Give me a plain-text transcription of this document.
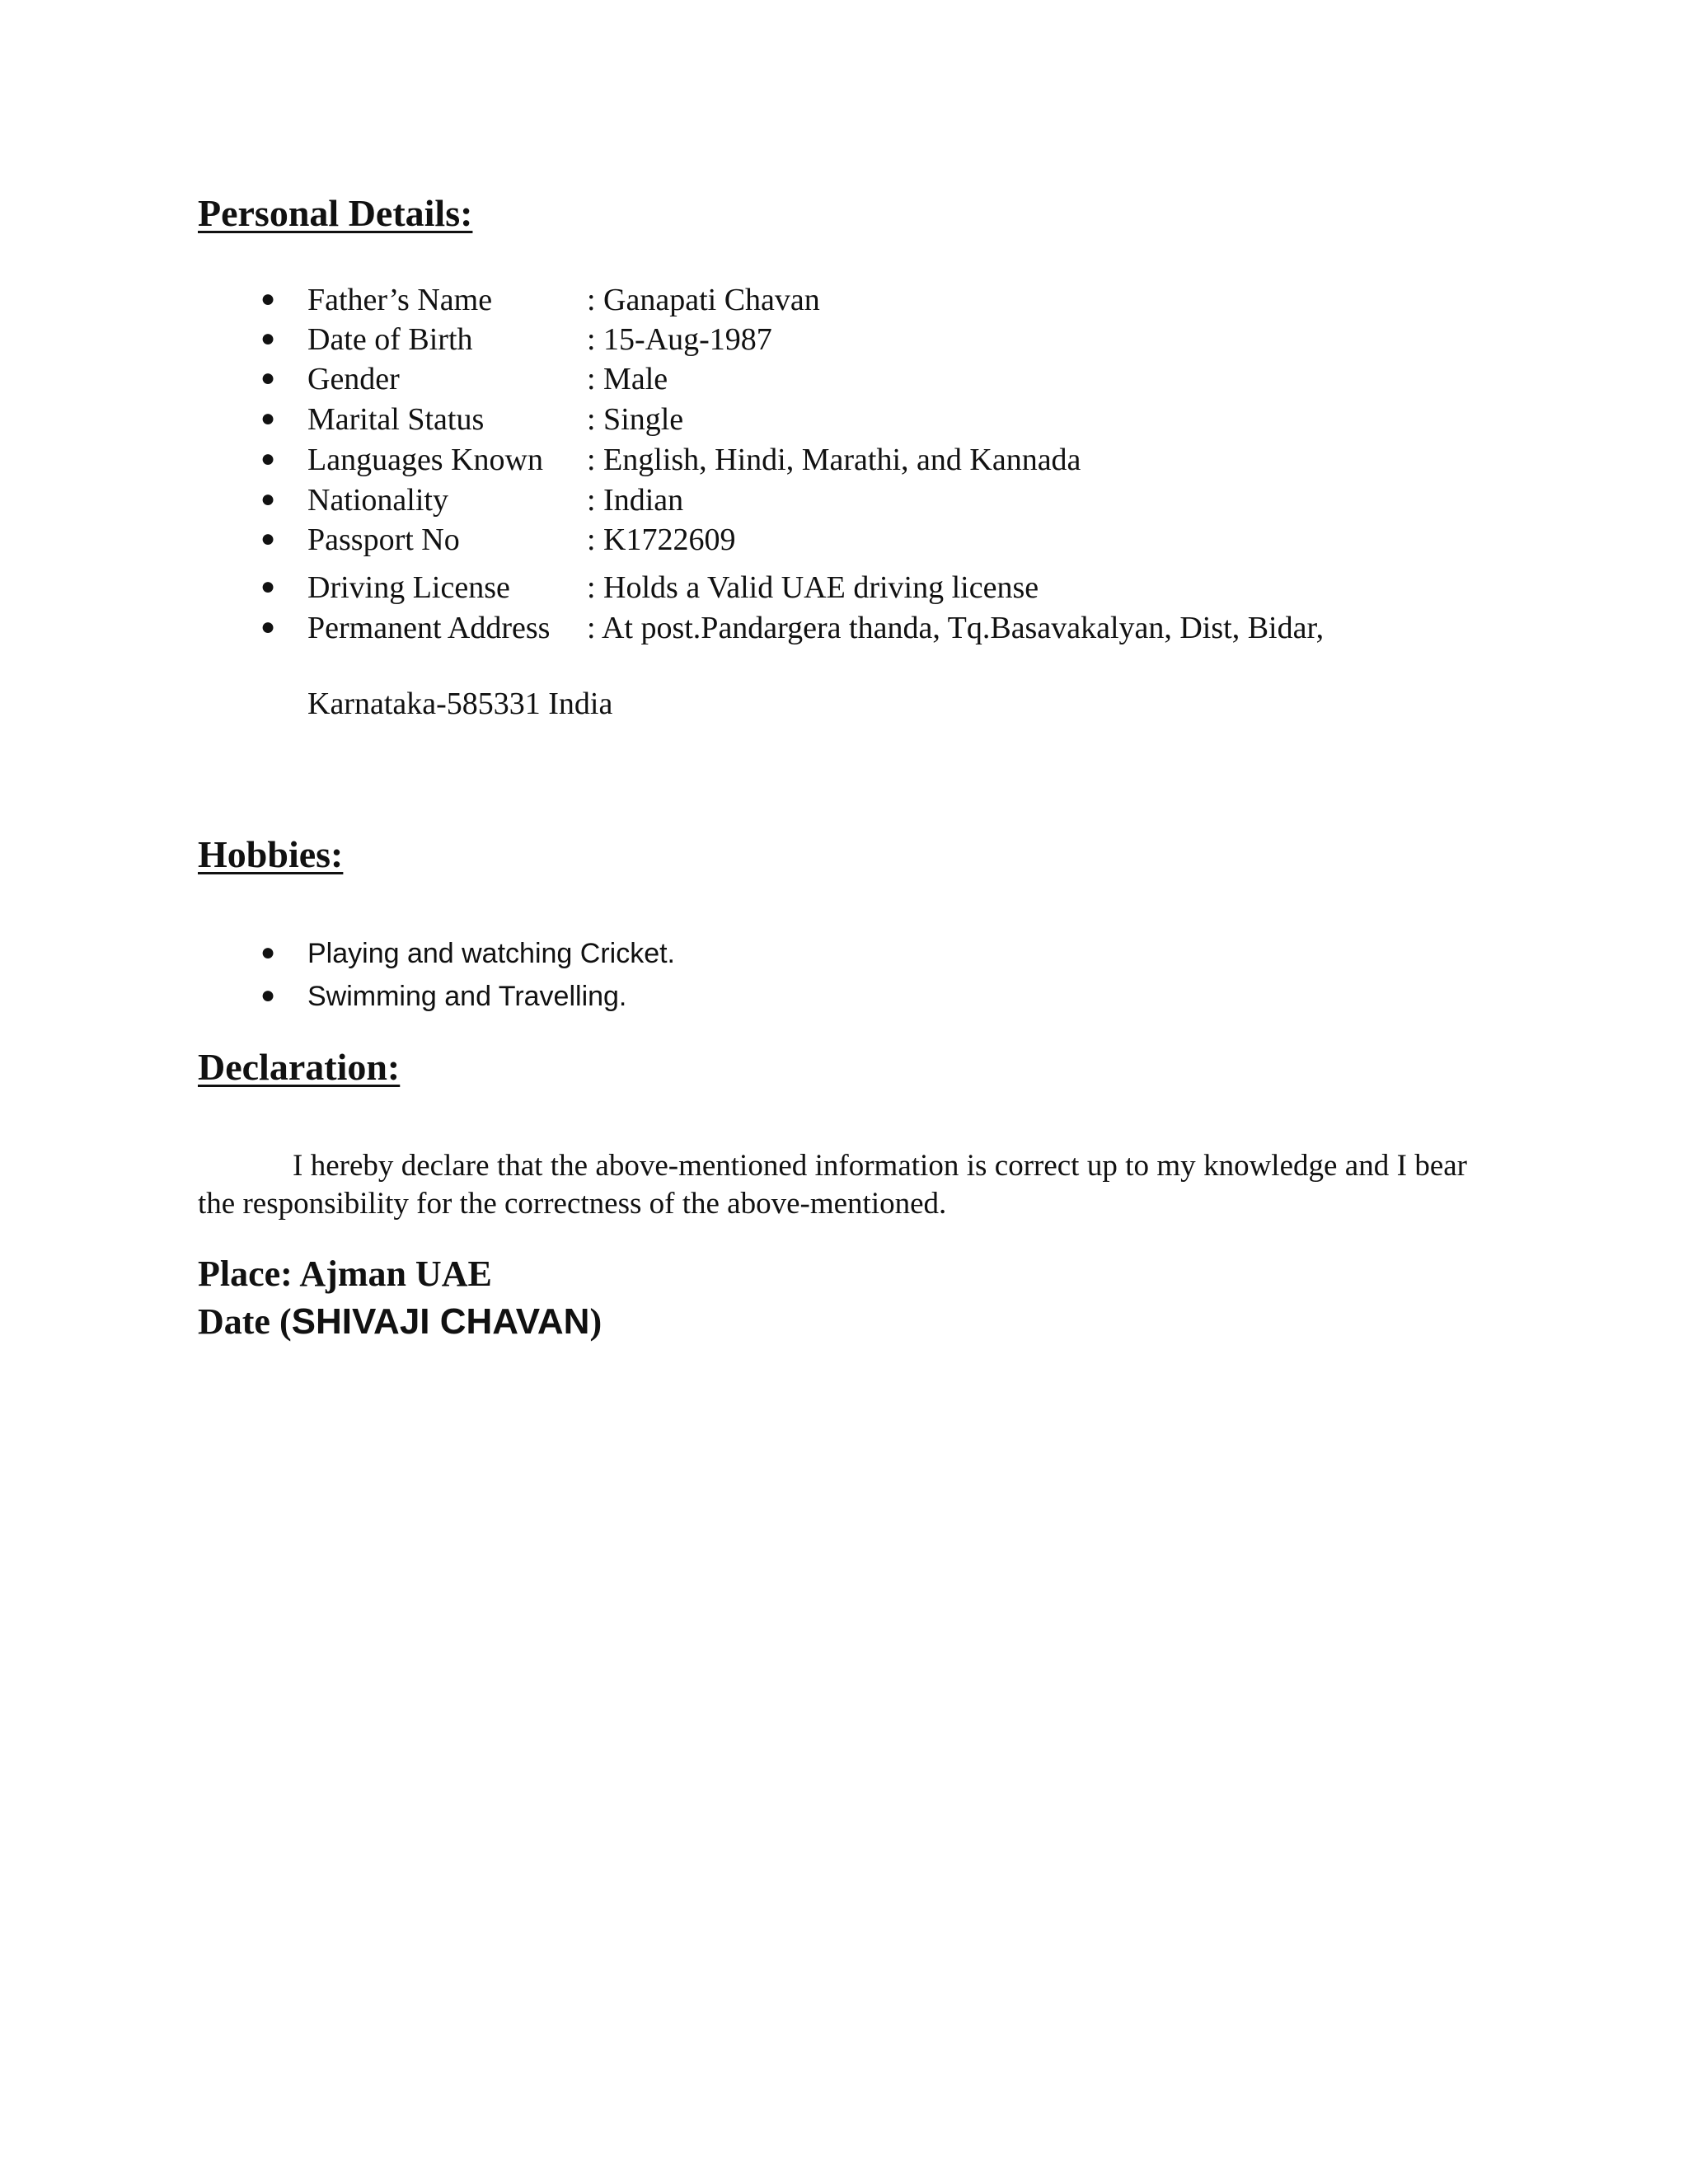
Personal Details:
● Father’s Name	: Ganapati Chavan
● Date of Birth	: 15-Aug-1987
● Gender	: Male
● Marital Status	: Single
● Languages Known : English, Hindi, Marathi, and Kannada
● Nationality	: Indian
● Passport No	: K1722609
● Driving License : Holds a Valid UAE driving license
● Permanent Address : At post.Pandargera thanda, Tq.Basavakalyan, Dist, Bidar,
Karnataka-585331 India
Hobbies:
● Playing and watching Cricket.
● Swimming and Travelling.
Declaration:

I hereby declare that the above-mentioned information is correct up to my knowledge and I bear the responsibility for the correctness of the above-mentioned.

Place: Ajman UAE
Date (SHIVAJI CHAVAN)
